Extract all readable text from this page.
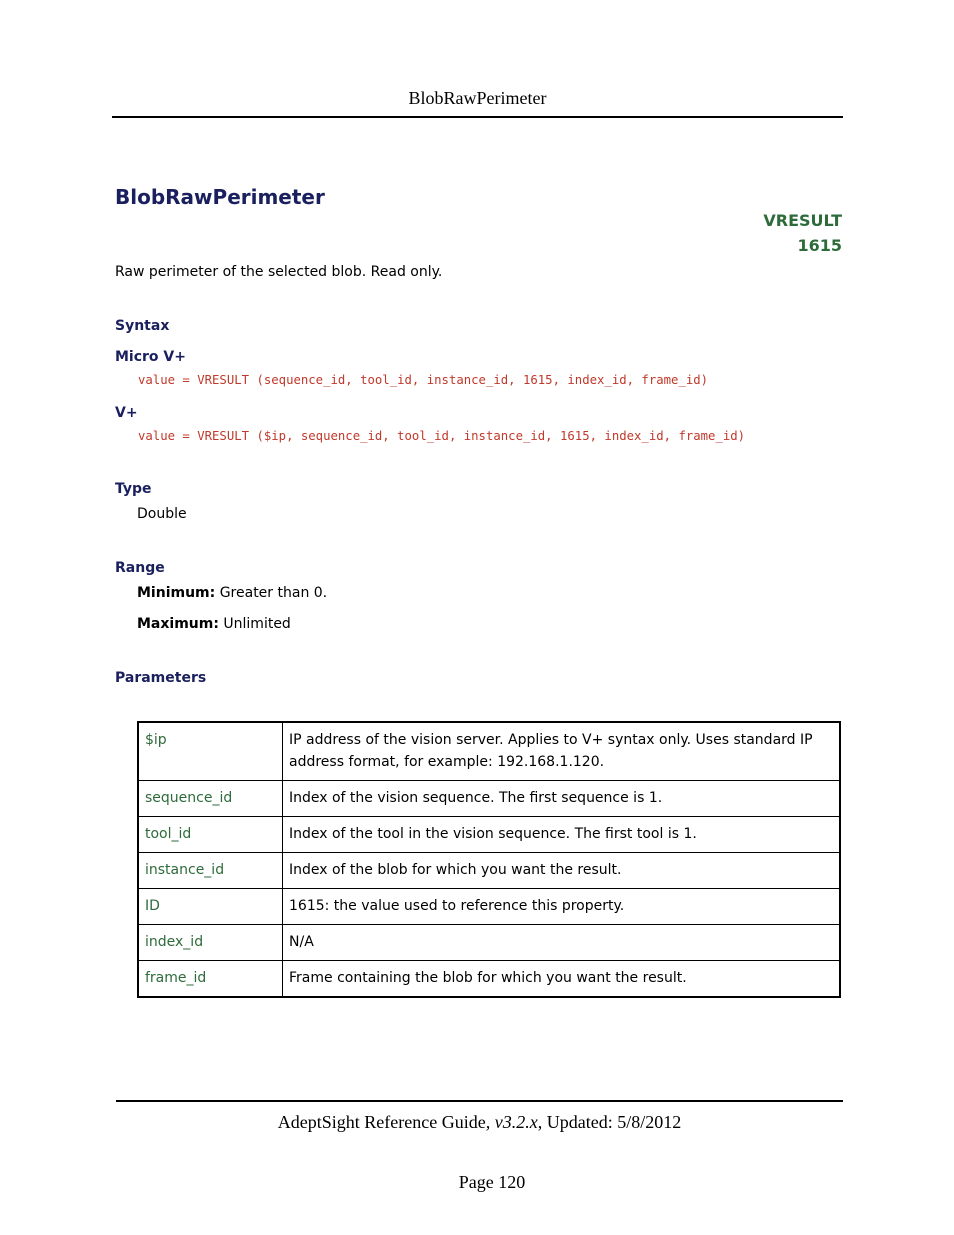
BlobRawPerimeter
BlobRawPerimeter
VRESULT
1615
Raw perimeter of the selected blob. Read only.
Syntax
Micro V+
value = VRESULT (sequence_id, tool_id, instance_id, 1615, index_id, frame_id)
V+
value = VRESULT ($ip, sequence_id, tool_id, instance_id, 1615, index_id, frame_id)
Type
Double
Range
Minimum: Greater than 0.
Maximum: Unlimited
Parameters
$ip	IP address of the vision server. Applies to V+ syntax only. Uses standard IP address format, for example: 192.168.1.120.
sequence_id	Index of the vision sequence. The first sequence is 1.
tool_id	Index of the tool in the vision sequence. The first tool is 1.
instance_id	Index of the blob for which you want the result.
ID	1615: the value used to reference this property.
index_id	N/A
frame_id	Frame containing the blob for which you want the result.
AdeptSight Reference Guide, v3.2.x, Updated: 5/8/2012
Page 120
